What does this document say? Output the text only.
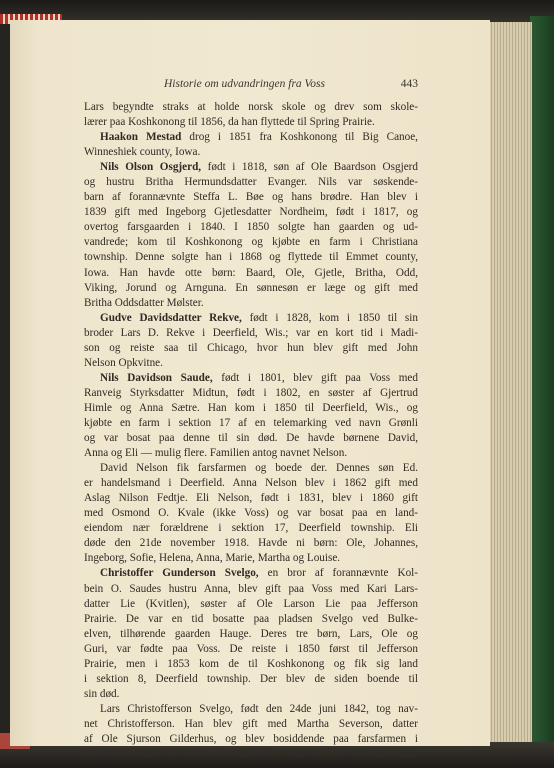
Historie om udvandringen fra Voss	443
Lars begyndte straks at holde norsk skole og drev som skole-
lærer paa Koshkonong til 1856, da han flyttede til Spring Prairie.
Haakon Mestad drog i 1851 fra Koshkonong til Big Canoe,
Winneshiek county, Iowa.
Nils Olson Osgjerd, født i 1818, søn af Ole Baardson Osgjerd
og hustru Britha Hermundsdatter Evanger. Nils var søskende-
barn af forannævnte Steffa L. Bøe og hans brødre. Han blev i
1839 gift med Ingeborg Gjetlesdatter Nordheim, født i 1817, og
overtog farsgaarden i 1840. I 1850 solgte han gaarden og ud-
vandrede; kom til Koshkonong og kjøbte en farm i Christiana
township. Denne solgte han i 1868 og flyttede til Emmet county,
Iowa. Han havde otte børn: Baard, Ole, Gjetle, Britha, Odd,
Viking, Jorund og Arnguna. En sønnesøn er læge og gift med
Britha Oddsdatter Mølster.
Gudve Davidsdatter Rekve, født i 1828, kom i 1850 til sin
broder Lars D. Rekve i Deerfield, Wis.; var en kort tid i Madi-
son og reiste saa til Chicago, hvor hun blev gift med John
Nelson Opkvitne.
Nils Davidson Saude, født i 1801, blev gift paa Voss med
Ranveig Styrksdatter Midtun, født i 1802, en søster af Gjertrud
Himle og Anna Sætre. Han kom i 1850 til Deerfield, Wis., og
kjøbte en farm i sektion 17 af en telemarking ved navn Grønli
og var bosat paa denne til sin død. De havde børnene David,
Anna og Eli — mulig flere. Familien antog navnet Nelson.
David Nelson fik farsfarmen og boede der. Dennes søn Ed.
er handelsmand i Deerfield. Anna Nelson blev i 1862 gift med
Aslag Nilson Fedtje. Eli Nelson, født i 1831, blev i 1860 gift
med Osmond O. Kvale (ikke Voss) og var bosat paa en land-
eiendom nær forældrene i sektion 17, Deerfield township. Eli
døde den 21de november 1918. Havde ni børn: Ole, Johannes,
Ingeborg, Sofie, Helena, Anna, Marie, Martha og Louise.
Christoffer Gunderson Svelgo, en bror af forannævnte Kol-
bein O. Saudes hustru Anna, blev gift paa Voss med Kari Lars-
datter Lie (Kvitlen), søster af Ole Larson Lie paa Jefferson
Prairie. De var en tid bosatte paa pladsen Svelgo ved Bulke-
elven, tilhørende gaarden Hauge. Deres tre børn, Lars, Ole og
Guri, var fødte paa Voss. De reiste i 1850 først til Jefferson
Prairie, men i 1853 kom de til Koshkonong og fik sig land
i sektion 8, Deerfield township. Der blev de siden boende til
sin død.
Lars Christofferson Svelgo, født den 24de juni 1842, tog nav-
net Christofferson. Han blev gift med Martha Severson, datter
af Ole Sjurson Gilderhus, og blev bosiddende paa farsfarmen i
Deerfield. Han er død for adskillige aar siden. Martha døde
